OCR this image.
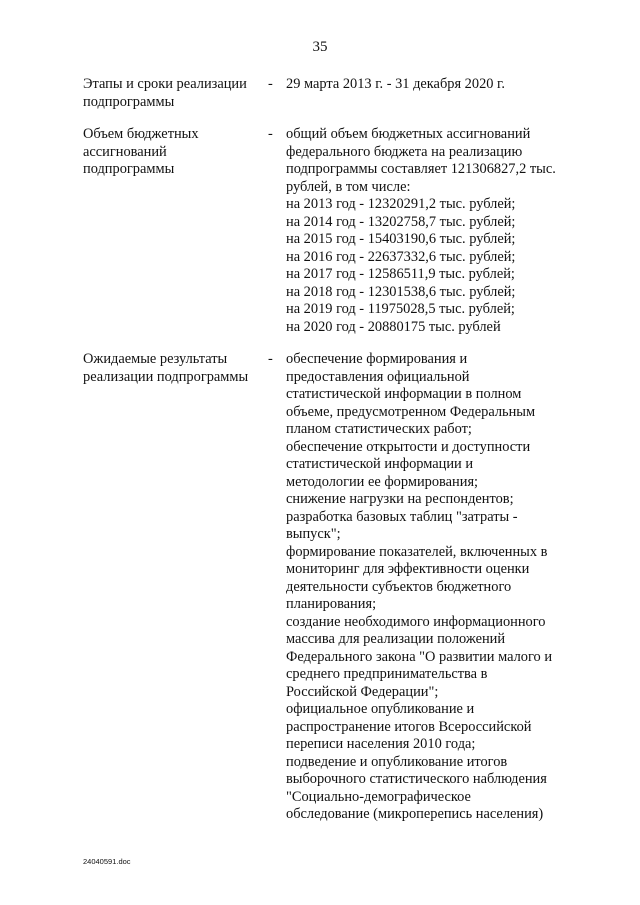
35
Этапы и сроки реализации
подпрограммы
- 29 марта 2013 г. - 31 декабря 2020 г.
Объем бюджетных
ассигнований
подпрограммы
- общий объем бюджетных ассигнований
федерального бюджета на реализацию
подпрограммы составляет 121306827,2 тыс.
рублей, в том числе:
на 2013 год - 12320291,2 тыс. рублей;
на 2014 год - 13202758,7 тыс. рублей;
на 2015 год - 15403190,6 тыс. рублей;
на 2016 год - 22637332,6 тыс. рублей;
на 2017 год - 12586511,9 тыс. рублей;
на 2018 год - 12301538,6 тыс. рублей;
на 2019 год - 11975028,5 тыс. рублей;
на 2020 год - 20880175 тыс. рублей
Ожидаемые результаты
реализации подпрограммы
- обеспечение формирования и
предоставления официальной
статистической информации в полном
объеме, предусмотренном Федеральным
планом статистических работ;
обеспечение открытости и доступности
статистической информации и
методологии ее формирования;
снижение нагрузки на респондентов;
разработка базовых таблиц "затраты -
выпуск";
формирование показателей, включенных в
мониторинг для эффективности оценки
деятельности субъектов бюджетного
планирования;
создание необходимого информационного
массива для реализации положений
Федерального закона "О развитии малого и
среднего предпринимательства в
Российской Федерации";
официальное опубликование и
распространение итогов Всероссийской
переписи населения 2010 года;
подведение и опубликование итогов
выборочного статистического наблюдения
"Социально-демографическое
обследование (микроперепись населения)
24040591.doc
